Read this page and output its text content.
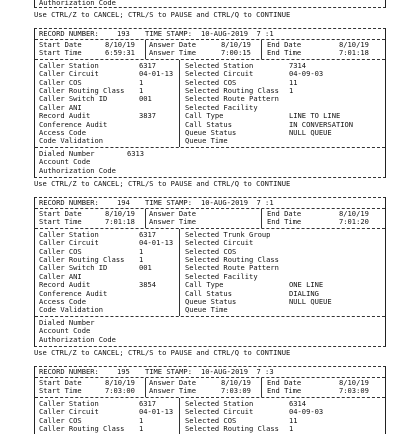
Authorization Code
Use CTRL/Z to CANCEL; CTRL/S to PAUSE and CTRL/Q to CONTINUE
RECORD NUMBER:	193 TIME STAMP: 10-AUG-2019  7 :1
Start Date	8/10/19 Answer Date	8/10/19 End Date	8/10/19
Start Time	6:59:31 Answer Time	7:00:15 End Time	7:01:18
Caller Station	6317
Caller Circuit	04-01-13
Caller COS	1
Caller Routing Class 1
Caller Switch ID	001
Caller ANI
Record Audit	3837
Conference Audit
Access Code
Code Validation
Selected Station	7314
Selected Circuit	04-09-03
Selected COS	11
Selected Routing Class 1
Selected Route Pattern
Selected Facility
Call Type	LINE TO LINE
Call Status	IN CONVERSATION
Queue Status	NULL QUEUE
Queue Time
Dialed Number	6313
Account Code
Authorization Code
Use CTRL/Z to CANCEL; CTRL/S to PAUSE and CTRL/Q to CONTINUE
RECORD NUMBER:	194 TIME STAMP: 10-AUG-2019  7 :1
Start Date	8/10/19 Answer Date	End Date	8/10/19
Start Time	7:01:18 Answer Time	End Time	7:01:20
Caller Station	6317
Caller Circuit	04-01-13
Caller COS	1
Caller Routing Class 1
Caller Switch ID	001
Caller ANI
Record Audit	3854
Conference Audit
Access Code
Code Validation
Selected Trunk Group
Selected Circuit
Selected COS
Selected Routing Class
Selected Route Pattern
Selected Facility
Call Type	ONE LINE
Call Status	DIALING
Queue Status	NULL QUEUE
Queue Time
Dialed Number
Account Code
Authorization Code
Use CTRL/Z to CANCEL; CTRL/S to PAUSE and CTRL/Q to CONTINUE
RECORD NUMBER:	195 TIME STAMP: 10-AUG-2019  7 :3
Start Date	8/10/19 Answer Date	8/10/19 End Date	8/10/19
Start Time	7:03:00 Answer Time	7:03:09 End Time	7:03:09
Caller Station	6317
Caller Circuit	04-01-13
Caller COS	1
Caller Routing Class 1
Selected Station	6314
Selected Circuit	04-09-03
Selected COS	11
Selected Routing Class 1
